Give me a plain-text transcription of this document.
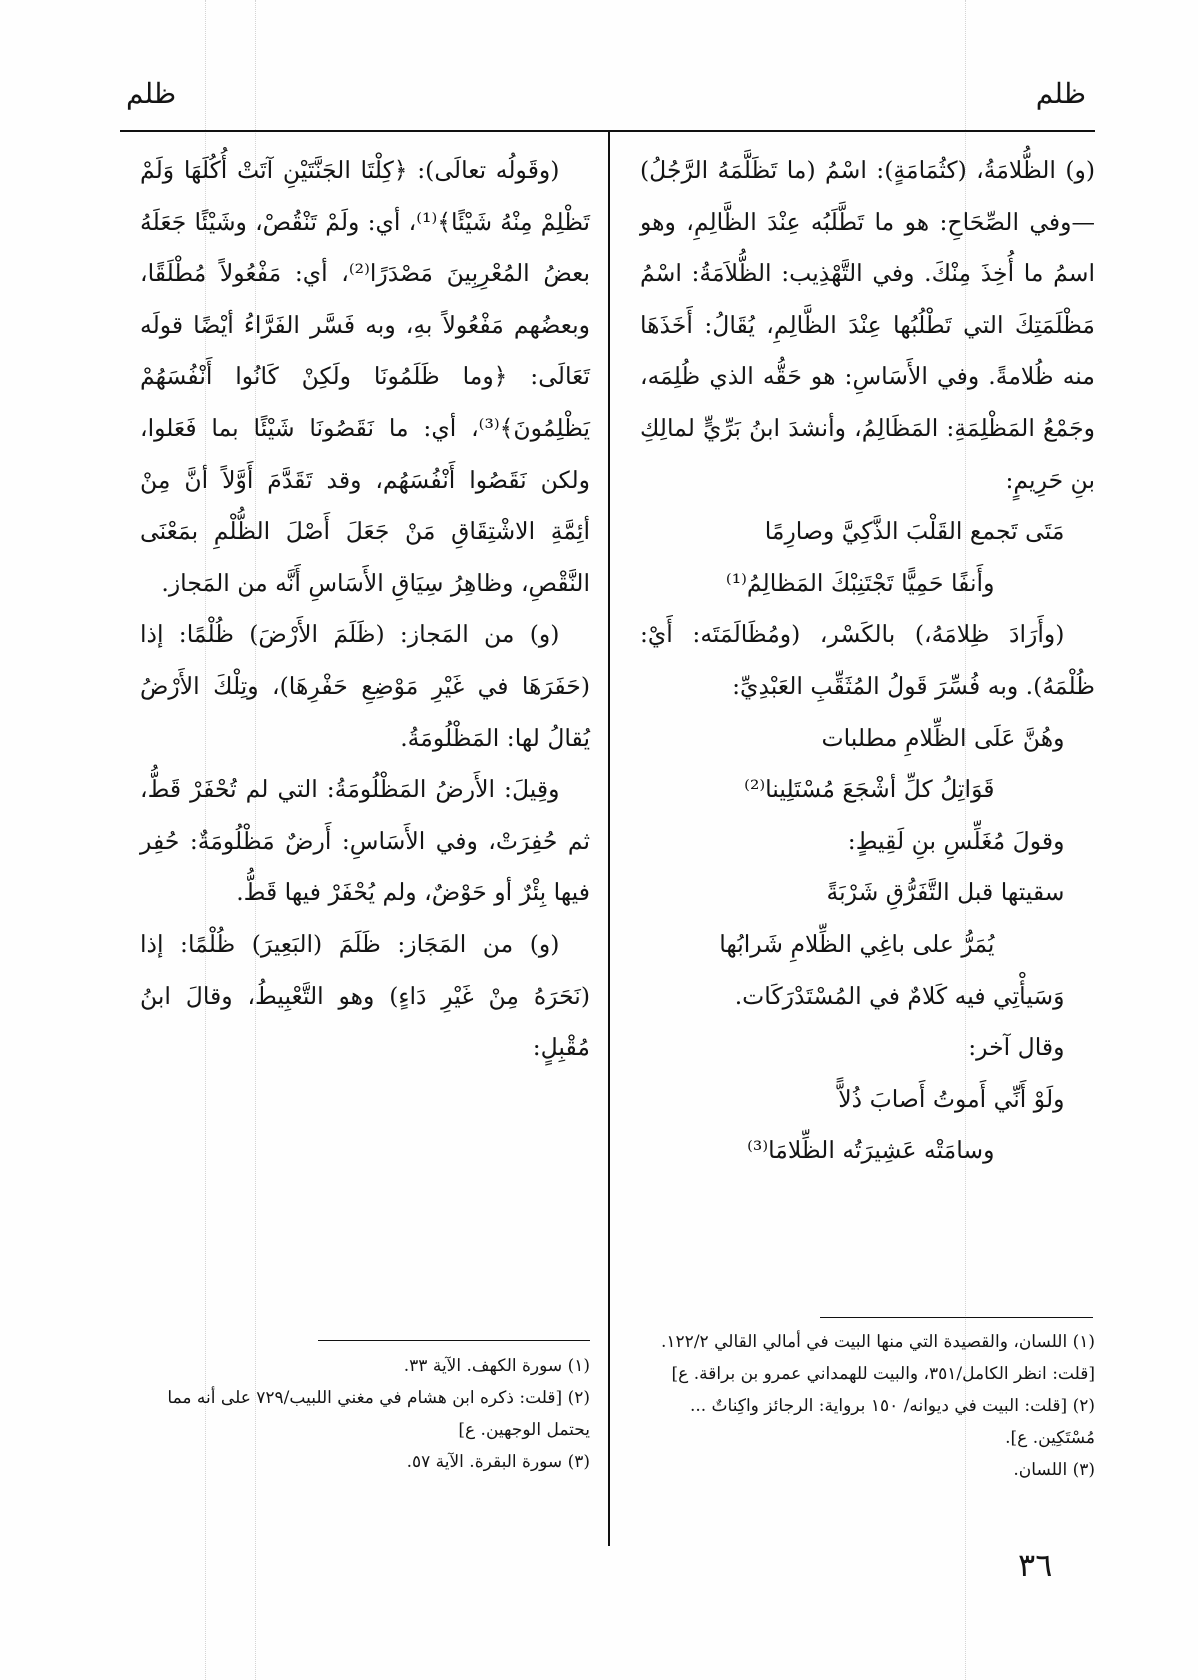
ظلم
ظلم

(و) الظُّلامَةُ، (كثُمَامَةٍ): اسْمُ (ما تَظَلَّمَهُ الرَّجُلُ) —وفي الصِّحَاحِ: هو ما تَطَّلَبُه عِنْدَ الظَّالِمِ، وهو اسمُ ما أُخِذَ مِنْكَ. وفي التَّهْذِيب: الظُّلاَمَةُ: اسْمُ مَظْلَمَتِكَ التي تَطْلُبُها عِنْدَ الظَّالِمِ، يُقَالُ: أَخَذَهَا منه ظُلامةً. وفي الأَسَاسِ: هو حَقُّه الذي ظُلِمَه، وجَمْعُ المَظْلِمَةِ: المَظَالِمُ، وأنشدَ ابنُ بَرِّيٍّ لمالِكِ بنِ حَرِيمٍ:

مَتَى تَجمع القَلْبَ الذَّكِيَّ وصارِمًا

وأَنفًا حَمِيًّا تَجْتَنِبْكَ المَظالِمُ⁽¹⁾

(وأَرَادَ ظِلامَهُ،) بالكَسْر، (ومُظَالَمَتَه: أَيْ: ظُلْمَهُ). وبه فُسِّرَ قَولُ المُثَقِّبِ العَبْدِيِّ:

وهُنَّ عَلَى الظِّلامِ مطلبات

قَوَاتِلُ كلِّ أشْجَعَ مُسْتَلِينا⁽²⁾

وقولَ مُغَلِّسِ بنِ لَقِيطٍ:

سقيتها قبل التَّفَرُّقِ شَرْبَةً

يُمَرُّ على باغِي الظِّلامِ شَرابُها

وَسَيأْتِي فيه كَلامٌ في المُسْتَدْرَكَات.

وقال آخر:

ولَوْ أَنِّي أَموتُ أَصابَ ذُلاًّ

وسامَتْه عَشِيرَتُه الظِّلامَا⁽³⁾

(١) اللسان، والقصيدة التي منها البيت في أمالي القالي ١٢٢/٢. [قلت: انظر الكامل/٣٥١، والبيت للهمداني عمرو بن براقة. ع]
(٢) [قلت: البيت في ديوانه/ ١٥٠ برواية: الرجائز واكِناتٌ ... مُسْتَكِين. ع].
(٣) اللسان.

(وقَولُه تعالَى): ﴿كِلْتَا الجَنَّتَيْنِ آتَتْ أُكُلَهَا وَلَمْ تَظْلِمْ مِنْهُ شَيْئًا﴾⁽¹⁾، أي: ولَمْ تَنْقُصْ، وشَيْئًا جَعَلَهُ بعضُ المُعْرِبِينَ مَصْدَرًا⁽²⁾، أي: مَفْعُولاً مُطْلَقًا، وبعضُهم مَفْعُولاً بهِ، وبه فَسَّر الفَرَّاءُ أيْضًا قولَه تَعَالَى: ﴿وما ظَلَمُونَا ولَكِنْ كَانُوا أَنْفُسَهُمْ يَظْلِمُونَ﴾⁽³⁾، أي: ما نَقَصُونَا شَيْئًا بما فَعَلوا، ولكن نَقَصُوا أَنْفُسَهُم، وقد تَقَدَّمَ أَوَّلاً أنَّ مِنْ أئِمَّةِ الاشْتِقَاقِ مَنْ جَعَلَ أَصْلَ الظُّلْمِ بمَعْنَى النَّقْصِ، وظاهِرُ سِيَاقِ الأَسَاسِ أَنَّه من المَجاز.

(و) من المَجاز: (ظَلَمَ الأَرْضَ) ظُلْمًا: إذا (حَفَرَهَا في غَيْرِ مَوْضِعِ حَفْرِهَا)، وتِلْكَ الأَرْضُ يُقالُ لها: المَظْلُومَةُ.

وقِيلَ: الأَرضُ المَظْلُومَةُ: التي لم تُحْفَرْ قَطُّ، ثم حُفِرَتْ، وفي الأَسَاسِ: أَرضٌ مَظْلُومَةٌ: حُفِر فيها بِئْرٌ أو حَوْضٌ، ولم يُحْفَرْ فيها قَطُّ.

(و) من المَجَاز: ظَلَمَ (البَعِيرَ) ظُلْمًا: إذا (نَحَرَهُ مِنْ غَيْرِ دَاءٍ) وهو التَّعْبِيطُ، وقالَ ابنُ مُقْبِلٍ:

(١) سورة الكهف. الآية ٣٣.
(٢) [قلت: ذكره ابن هشام في مغني اللبيب/٧٢٩ على أنه مما يحتمل الوجهين. ع]
(٣) سورة البقرة. الآية ٥٧.
٣٦
